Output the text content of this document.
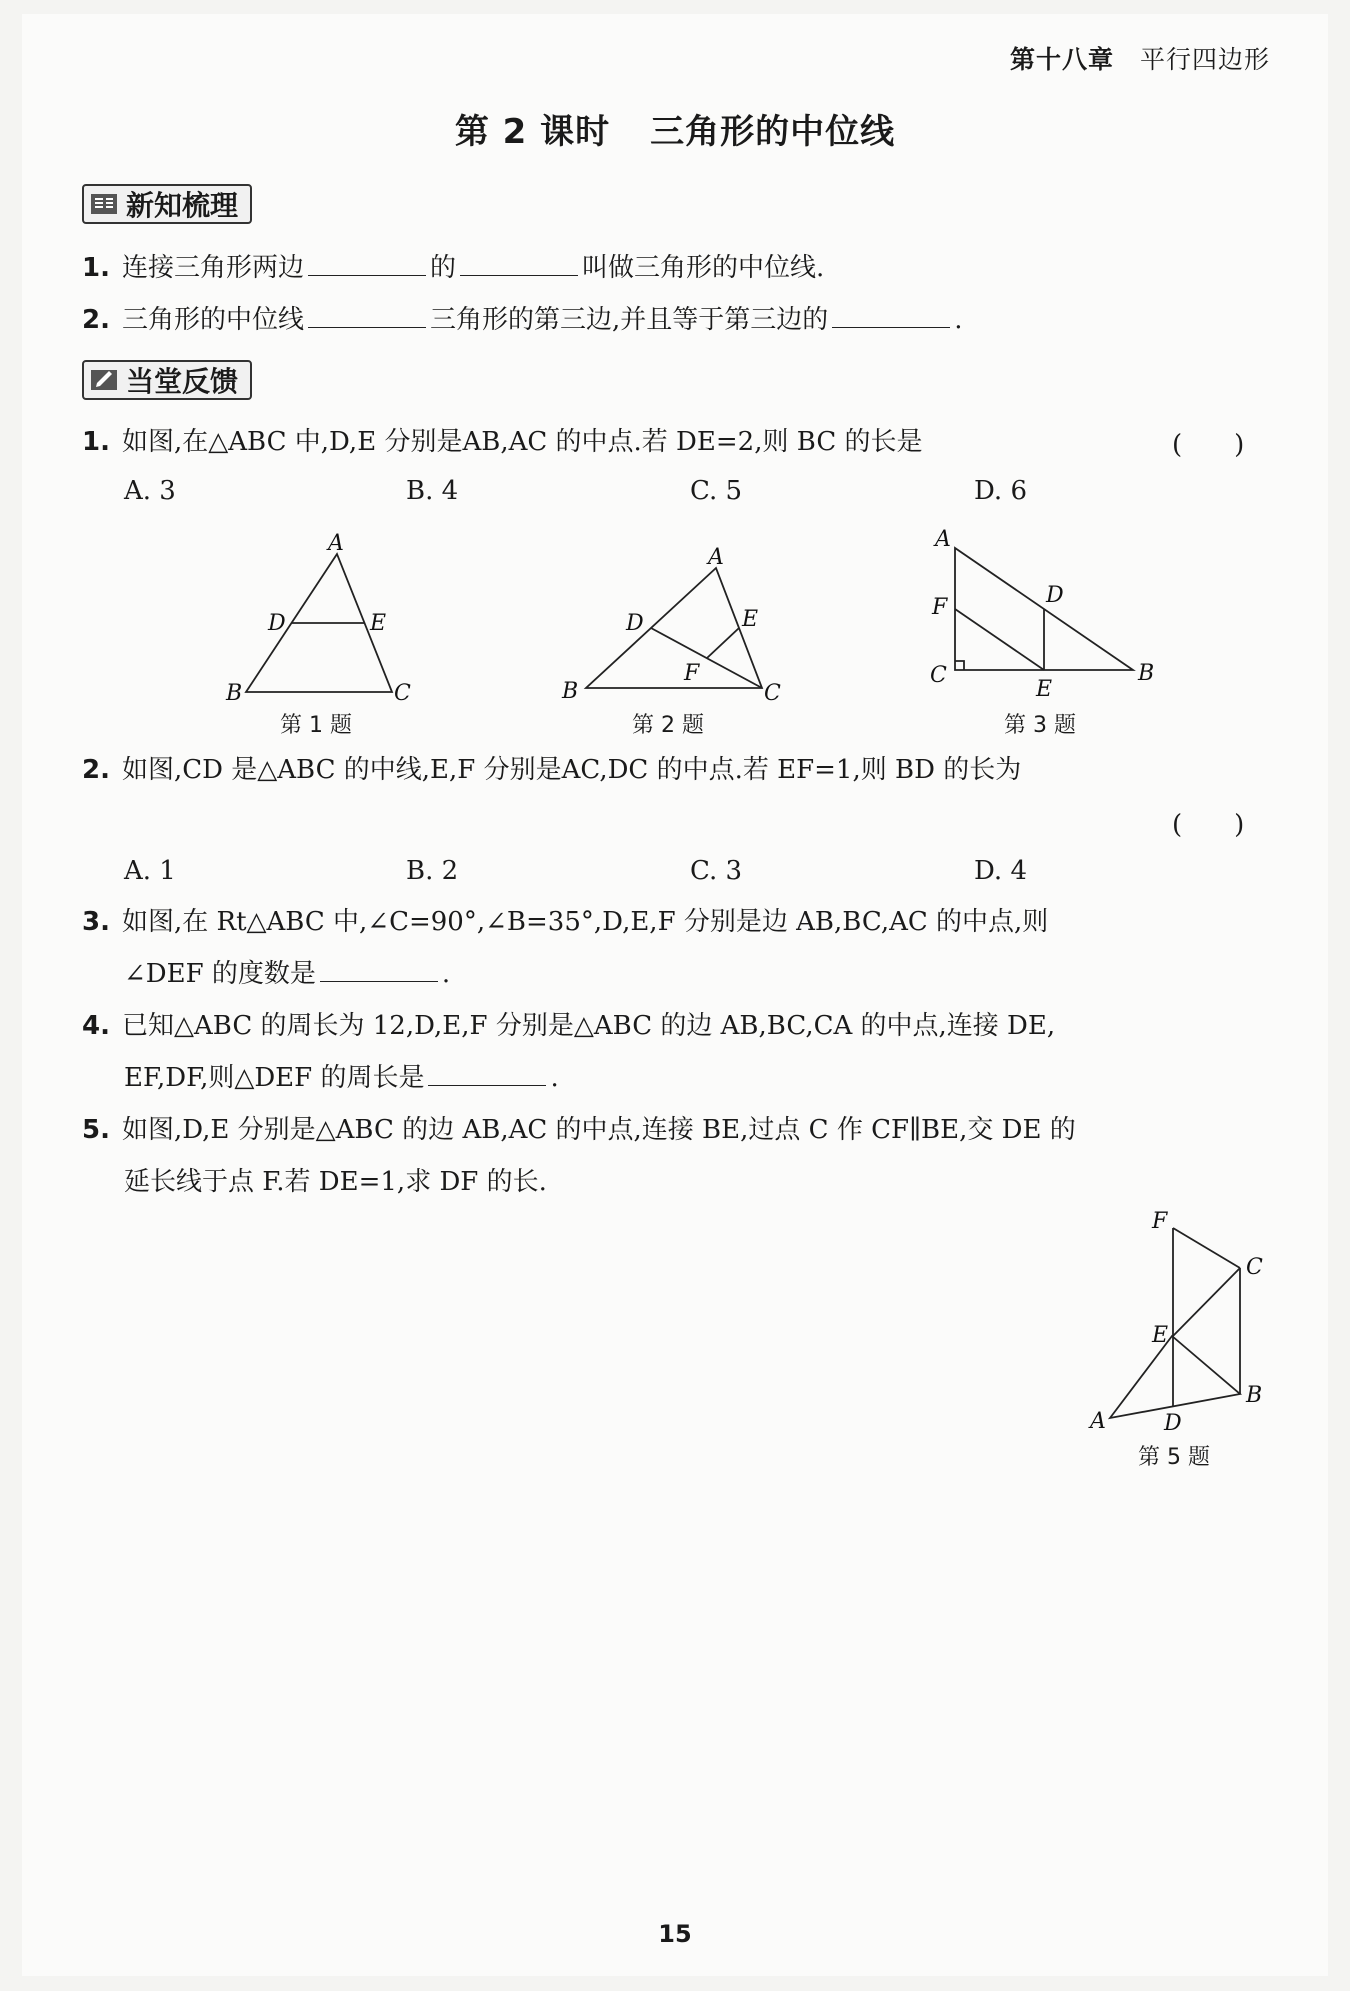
第十八章 平行四边形
第 2 课时 三角形的中位线
新知梳理
1. 连接三角形两边	的	叫做三角形的中位线.
2. 三角形的中位线	三角形的第三边,并且等于第三边的	.
当堂反馈
1. 如图,在△ABC 中,D,E 分别是AB,AC 的中点.若 DE=2,则 BC 的长是	(　　)
A. 3	B. 4	C. 5	D. 6
A
D	E
B	C
A
D	E
F
B	C
A
D
F
C
E
B
第 1 题	第 2 题	第 3 题
2. 如图,CD 是△ABC 的中线,E,F 分别是AC,DC 的中点.若 EF=1,则 BD 的长为
(　　)
A. 1	B. 2	C. 3	D. 4
3. 如图,在 Rt△ABC 中,∠C=90°,∠B=35°,D,E,F 分别是边 AB,BC,AC 的中点,则
∠DEF 的度数是	.
4. 已知△ABC 的周长为 12,D,E,F 分别是△ABC 的边 AB,BC,CA 的中点,连接 DE,
EF,DF,则△DEF 的周长是	.
5. 如图,D,E 分别是△ABC 的边 AB,AC 的中点,连接 BE,过点 C 作 CF∥BE,交 DE 的
延长线于点 F.若 DE=1,求 DF 的长.
F
C
E
B
A	D
第 5 题
15
